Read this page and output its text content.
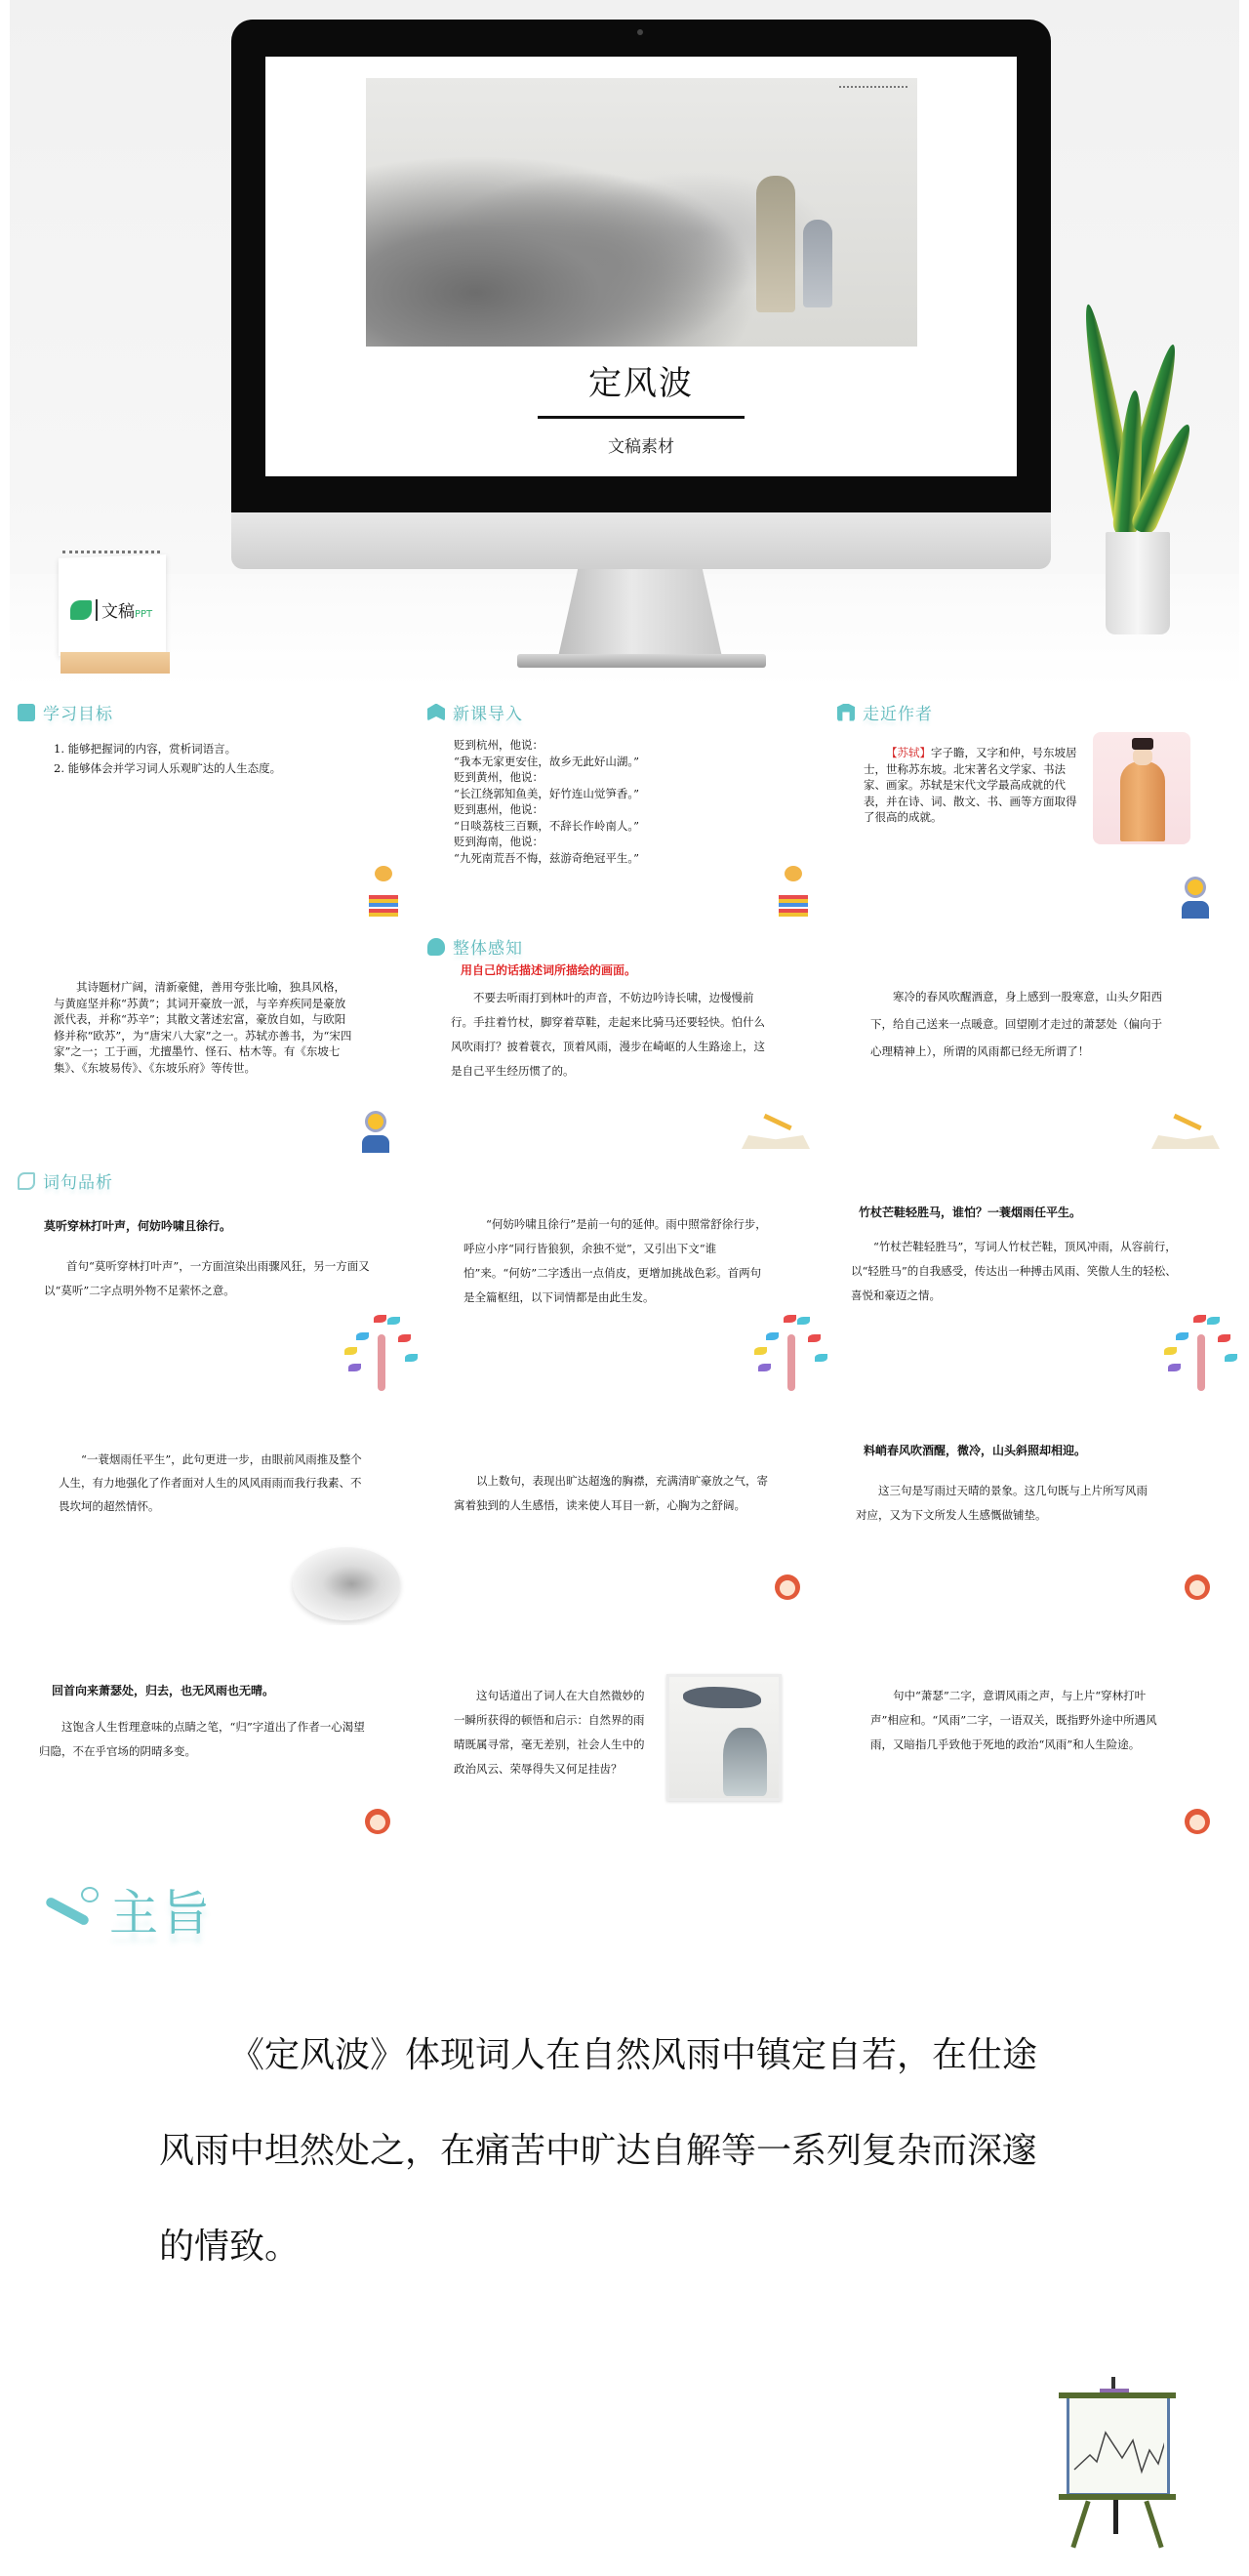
定风波
文稿素材
文稿PPT
学习目标
1. 能够把握词的内容，赏析词语言。
2. 能够体会并学习词人乐观旷达的人生态度。
新课导入
贬到杭州，他说：
“我本无家更安住，故乡无此好山湖。”
贬到黄州，他说：
“长江绕郭知鱼美，好竹连山觉笋香。”
贬到惠州，他说：
“日啖荔枝三百颗，不辞长作岭南人。”
贬到海南，他说：
“九死南荒吾不悔，兹游奇绝冠平生。”
走近作者
【苏轼】字子瞻，又字和仲，号东坡居士，世称苏东坡。北宋著名文学家、书法家、画家。苏轼是宋代文学最高成就的代表，并在诗、词、散文、书、画等方面取得了很高的成就。
其诗题材广阔，清新豪健，善用夸张比喻，独具风格，与黄庭坚并称“苏黄”；其词开豪放一派，与辛弃疾同是豪放派代表，并称“苏辛”；其散文著述宏富，豪放自如，与欧阳修并称“欧苏”，为“唐宋八大家”之一。苏轼亦善书，为“宋四家”之一；工于画，尤擅墨竹、怪石、枯木等。有《东坡七集》、《东坡易传》、《东坡乐府》等传世。
整体感知
用自己的话描述词所描绘的画面。
不要去听雨打到林叶的声音，不妨边吟诗长啸，边慢慢前行。手拄着竹杖，脚穿着草鞋，走起来比骑马还要轻快。怕什么风吹雨打？披着蓑衣，顶着风雨，漫步在崎岖的人生路途上，这是自己平生经历惯了的。
寒冷的春风吹醒酒意，身上感到一股寒意，山头夕阳西下，给自己送来一点暖意。回望刚才走过的萧瑟处（偏向于心理精神上），所谓的风雨都已经无所谓了！
词句品析
莫听穿林打叶声，何妨吟啸且徐行。
首句“莫听穿林打叶声”，一方面渲染出雨骤风狂，另一方面又以“莫听”二字点明外物不足萦怀之意。
“何妨吟啸且徐行”是前一句的延伸。雨中照常舒徐行步，呼应小序“同行皆狼狈，余独不觉”，又引出下文“谁怕”来。“何妨”二字透出一点俏皮，更增加挑战色彩。首两句是全篇枢纽，以下词情都是由此生发。
竹杖芒鞋轻胜马，谁怕？一蓑烟雨任平生。
“竹杖芒鞋轻胜马”，写词人竹杖芒鞋，顶风冲雨，从容前行，以“轻胜马”的自我感受，传达出一种搏击风雨、笑傲人生的轻松、喜悦和豪迈之情。
“一蓑烟雨任平生”，此句更进一步，由眼前风雨推及整个人生，有力地强化了作者面对人生的风风雨雨而我行我素、不畏坎坷的超然情怀。
以上数句，表现出旷达超逸的胸襟，充满清旷豪放之气，寄寓着独到的人生感悟，读来使人耳目一新，心胸为之舒阔。
料峭春风吹酒醒，微冷，山头斜照却相迎。
这三句是写雨过天晴的景象。这几句既与上片所写风雨对应，又为下文所发人生感慨做铺垫。
回首向来萧瑟处，归去，也无风雨也无晴。
这饱含人生哲理意味的点睛之笔，“归”字道出了作者一心渴望归隐，不在乎官场的阴晴多变。
这句话道出了词人在大自然微妙的一瞬所获得的顿悟和启示：自然界的雨晴既属寻常，毫无差别，社会人生中的政治风云、荣辱得失又何足挂齿？
句中“萧瑟”二字，意谓风雨之声，与上片“穿林打叶声”相应和。“风雨”二字，一语双关，既指野外途中所遇风雨，又暗指几乎致他于死地的政治“风雨”和人生险途。
主旨

《定风波》体现词人在自然风雨中镇定自若，在仕途风雨中坦然处之，在痛苦中旷达自解等一系列复杂而深邃的情致。
